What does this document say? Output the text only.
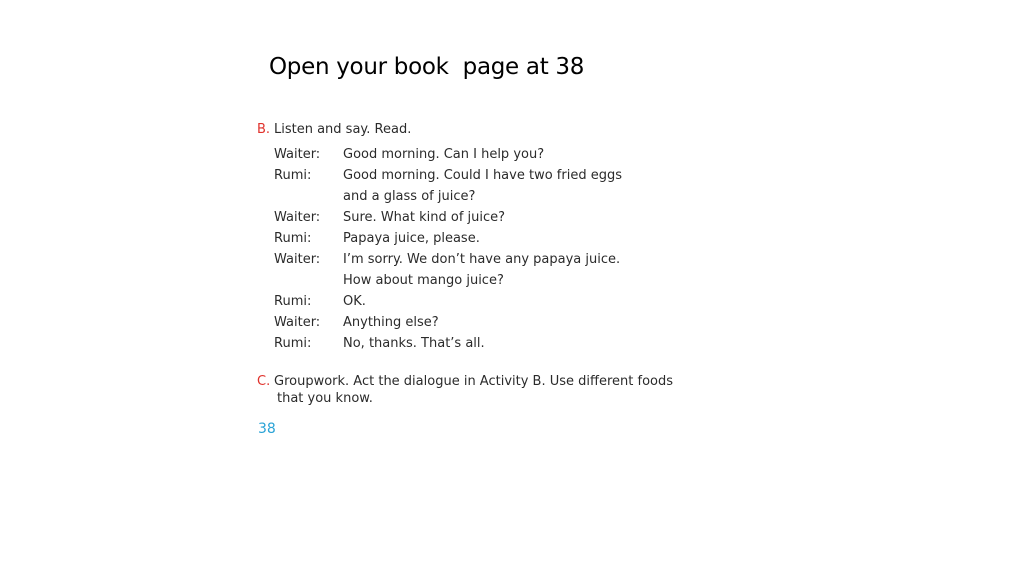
Open your book  page at 38
B. Listen and say. Read.
Waiter:	Good morning. Can I help you?
Rumi:	Good morning. Could I have two fried eggs
and a glass of juice?
Waiter:	Sure. What kind of juice?
Rumi:	Papaya juice, please.
Waiter:	I’m sorry. We don’t have any papaya juice.
How about mango juice?
Rumi:	OK.
Waiter:	Anything else?
Rumi:	No, thanks. That’s all.
C. Groupwork. Act the dialogue in Activity B. Use different foods
that you know.
38
